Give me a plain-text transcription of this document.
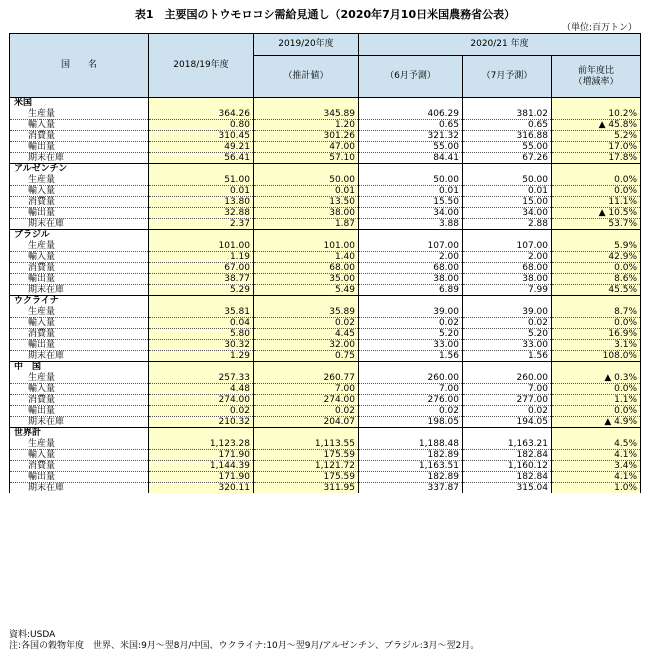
表1　主要国のトウモロコシ需給見通し（2020年7月10日米国農務省公表）
（単位:百万トン）
国　　名	2018/19年度	2019/20年度	2020/21 年度		
		（推計値）	（6月予測）	（7月予測）	前年度比
（増減率）

米国					
生産量	364.26	345.89	406.29	381.02	10.2%
輸入量	0.80	1.20	0.65	0.65	▲ 45.8%
消費量	310.45	301.26	321.32	316.88	5.2%
輸出量	49.21	47.00	55.00	55.00	17.0%
期末在庫	56.41	57.10	84.41	67.26	17.8%
アルゼンチン					
生産量	51.00	50.00	50.00	50.00	0.0%
輸入量	0.01	0.01	0.01	0.01	0.0%
消費量	13.80	13.50	15.50	15.00	11.1%
輸出量	32.88	38.00	34.00	34.00	▲ 10.5%
期末在庫	2.37	1.87	3.88	2.88	53.7%
ブラジル					
生産量	101.00	101.00	107.00	107.00	5.9%
輸入量	1.19	1.40	2.00	2.00	42.9%
消費量	67.00	68.00	68.00	68.00	0.0%
輸出量	38.77	35.00	38.00	38.00	8.6%
期末在庫	5.29	5.49	6.89	7.99	45.5%
ウクライナ					
生産量	35.81	35.89	39.00	39.00	8.7%
輸入量	0.04	0.02	0.02	0.02	0.0%
消費量	5.80	4.45	5.20	5.20	16.9%
輸出量	30.32	32.00	33.00	33.00	3.1%
期末在庫	1.29	0.75	1.56	1.56	108.0%
中　国					
生産量	257.33	260.77	260.00	260.00	▲ 0.3%
輸入量	4.48	7.00	7.00	7.00	0.0%
消費量	274.00	274.00	276.00	277.00	1.1%
輸出量	0.02	0.02	0.02	0.02	0.0%
期末在庫	210.32	204.07	198.05	194.05	▲ 4.9%
世界計					
生産量	1,123.28	1,113.55	1,188.48	1,163.21	4.5%
輸入量	171.90	175.59	182.89	182.84	4.1%
消費量	1,144.39	1,121.72	1,163.51	1,160.12	3.4%
輸出量	171.90	175.59	182.89	182.84	4.1%
期末在庫	320.11	311.95	337.87	315.04	1.0%
資料:USDA
注:各国の穀物年度　世界、米国:9月～翌8月/中国、ウクライナ:10月～翌9月/アルゼンチン、ブラジル:3月～翌2月。
